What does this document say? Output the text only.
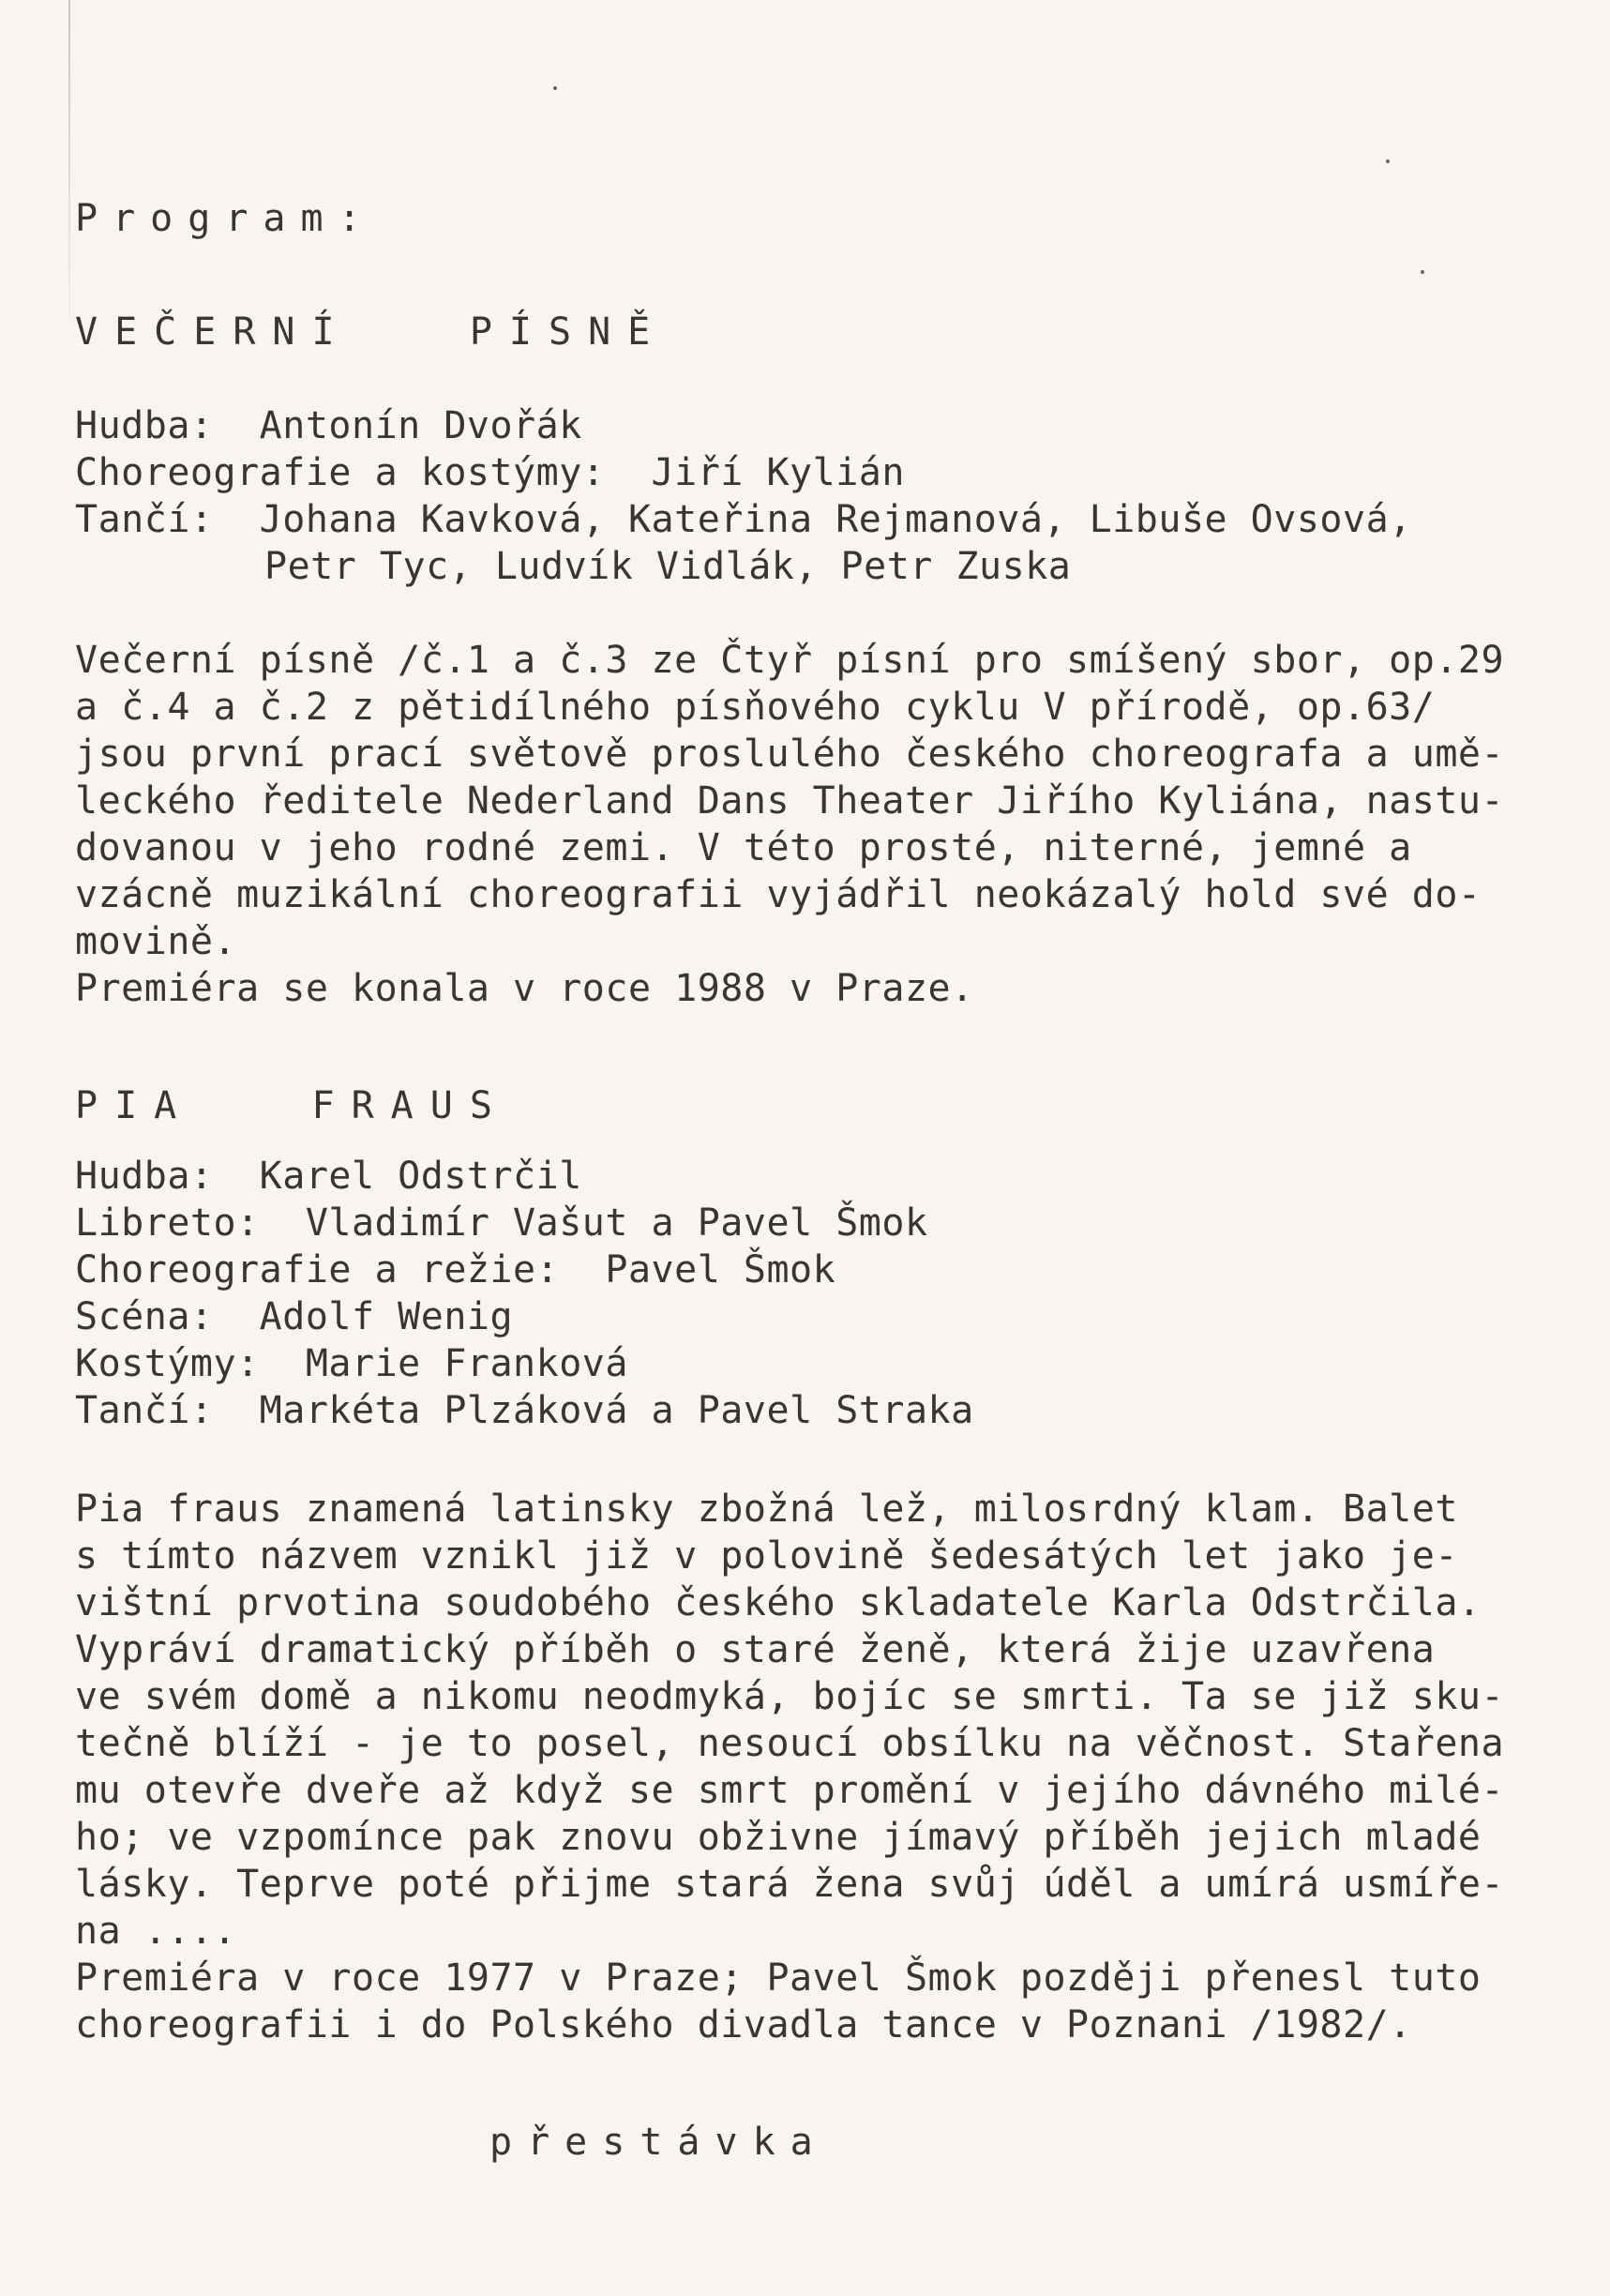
Program:
VEČERNÍ   PÍSNĚ
Hudba:  Antonín Dvořák
Choreografie a kostýmy:  Jiří Kylián
Tančí:  Johana Kavková, Kateřina Rejmanová, Libuše Ovsová,
Petr Tyc, Ludvík Vidlák, Petr Zuska
Večerní písně /č.1 a č.3 ze Čtyř písní pro smíšený sbor, op.29
a č.4 a č.2 z pětidílného písňového cyklu V přírodě, op.63/
jsou první prací světově proslulého českého choreografa a umě-
leckého ředitele Nederland Dans Theater Jiřího Kyliána, nastu-
dovanou v jeho rodné zemi. V této prosté, niterné, jemné a
vzácně muzikální choreografii vyjádřil neokázalý hold své do-
movině.
Premiéra se konala v roce 1988 v Praze.
PIA   FRAUS
Hudba:  Karel Odstrčil
Libreto:  Vladimír Vašut a Pavel Šmok
Choreografie a režie:  Pavel Šmok
Scéna:  Adolf Wenig
Kostýmy:  Marie Franková
Tančí:  Markéta Plzáková a Pavel Straka
Pia fraus znamená latinsky zbožná lež, milosrdný klam. Balet
s tímto názvem vznikl již v polovině šedesátých let jako je-
vištní prvotina soudobého českého skladatele Karla Odstrčila.
Vypráví dramatický příběh o staré ženě, která žije uzavřena
ve svém domě a nikomu neodmyká, bojíc se smrti. Ta se již sku-
tečně blíží - je to posel, nesoucí obsílku na věčnost. Stařena
mu otevře dveře až když se smrt promění v jejího dávného milé-
ho; ve vzpomínce pak znovu obživne jímavý příběh jejich mladé
lásky. Teprve poté přijme stará žena svůj úděl a umírá usmíře-
na ....
Premiéra v roce 1977 v Praze; Pavel Šmok později přenesl tuto
choreografii i do Polského divadla tance v Poznani /1982/.
přestávka
